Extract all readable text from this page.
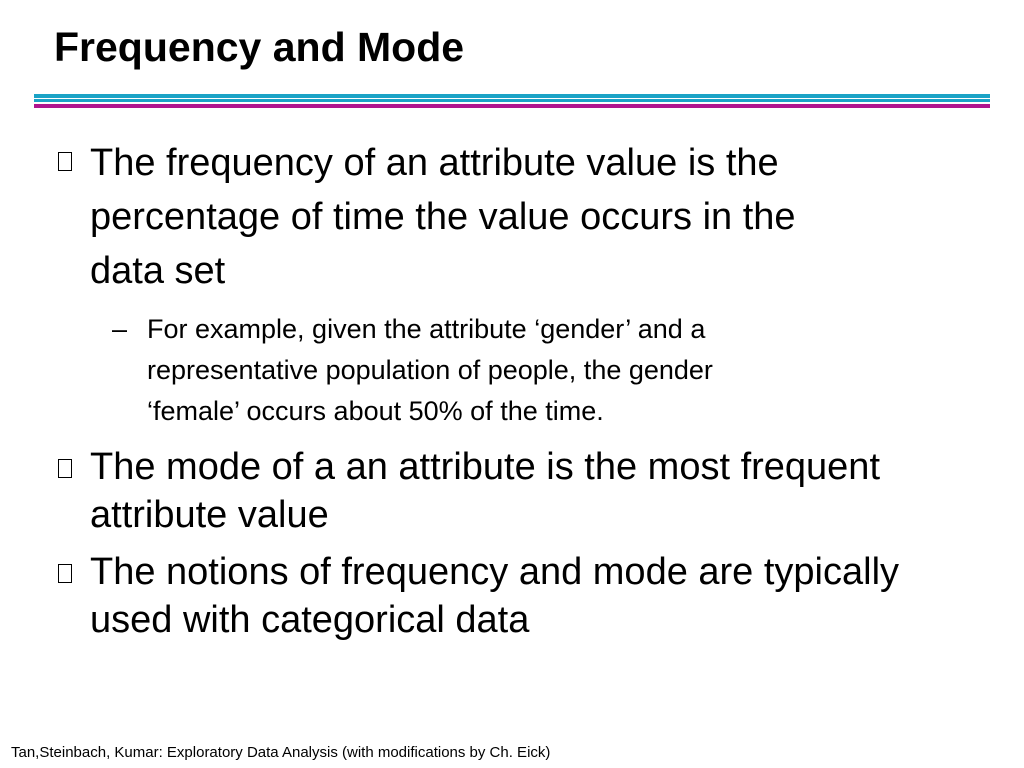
Frequency and Mode
The frequency of an attribute value is the
percentage of time the value occurs in the
data set
– For example, given the attribute ‘gender’ and a
representative population of people, the gender
‘female’ occurs about 50% of the time.
The mode of a an attribute is the most frequent
attribute value
The notions of frequency and mode are typically
used with categorical data
Tan,Steinbach, Kumar: Exploratory Data Analysis (with modifications by Ch. Eick)
